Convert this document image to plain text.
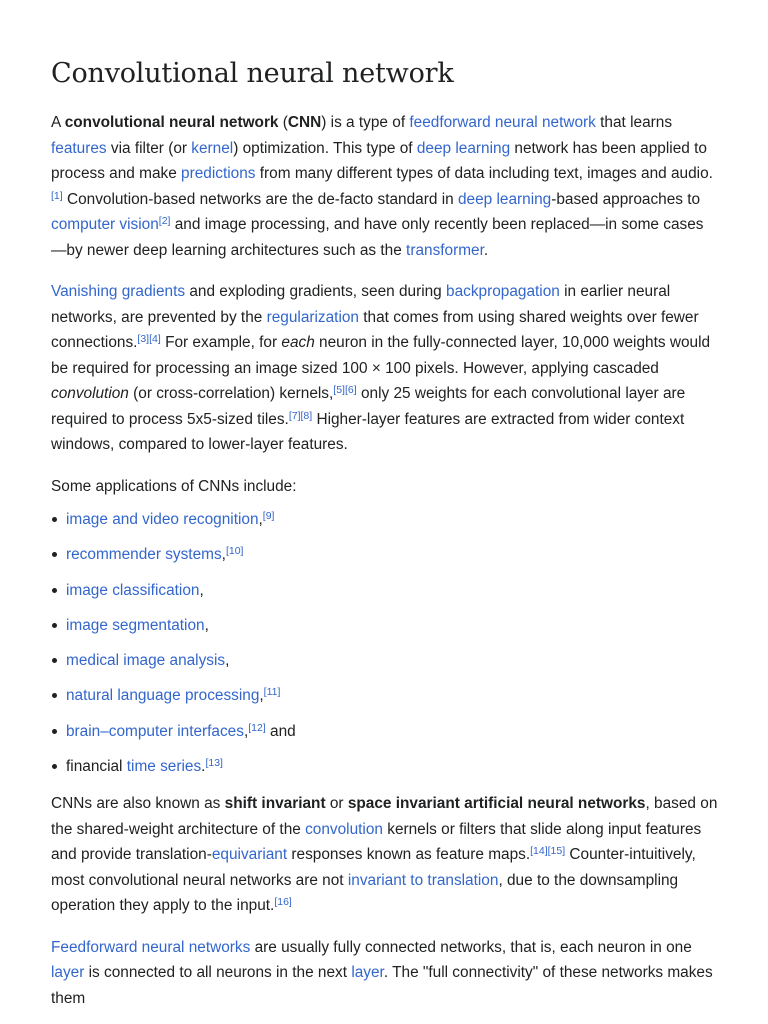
Convolutional neural network

A convolutional neural network (CNN) is a type of feedforward neural network that learns features via filter (or kernel) optimization. This type of deep learning network has been applied to process and make predictions from many different types of data including text, images and audio.[1] Convolution-based networks are the de-facto standard in deep learning-based approaches to computer vision[2] and image processing, and have only recently been replaced—in some cases—by newer deep learning architectures such as the transformer.

Vanishing gradients and exploding gradients, seen during backpropagation in earlier neural networks, are prevented by the regularization that comes from using shared weights over fewer connections.[3][4] For example, for each neuron in the fully-connected layer, 10,000 weights would be required for processing an image sized 100 × 100 pixels. However, applying cascaded convolution (or cross-correlation) kernels,[5][6] only 25 weights for each convolutional layer are required to process 5x5-sized tiles.[7][8] Higher-layer features are extracted from wider context windows, compared to lower-layer features.

Some applications of CNNs include:

image and video recognition,[9]
recommender systems,[10]
image classification,
image segmentation,
medical image analysis,
natural language processing,[11]
brain–computer interfaces,[12] and
financial time series.[13]

CNNs are also known as shift invariant or space invariant artificial neural networks, based on the shared-weight architecture of the convolution kernels or filters that slide along input features and provide translation-equivariant responses known as feature maps.[14][15] Counter-intuitively, most convolutional neural networks are not invariant to translation, due to the downsampling operation they apply to the input.[16]

Feedforward neural networks are usually fully connected networks, that is, each neuron in one layer is connected to all neurons in the next layer. The "full connectivity" of these networks makes them
